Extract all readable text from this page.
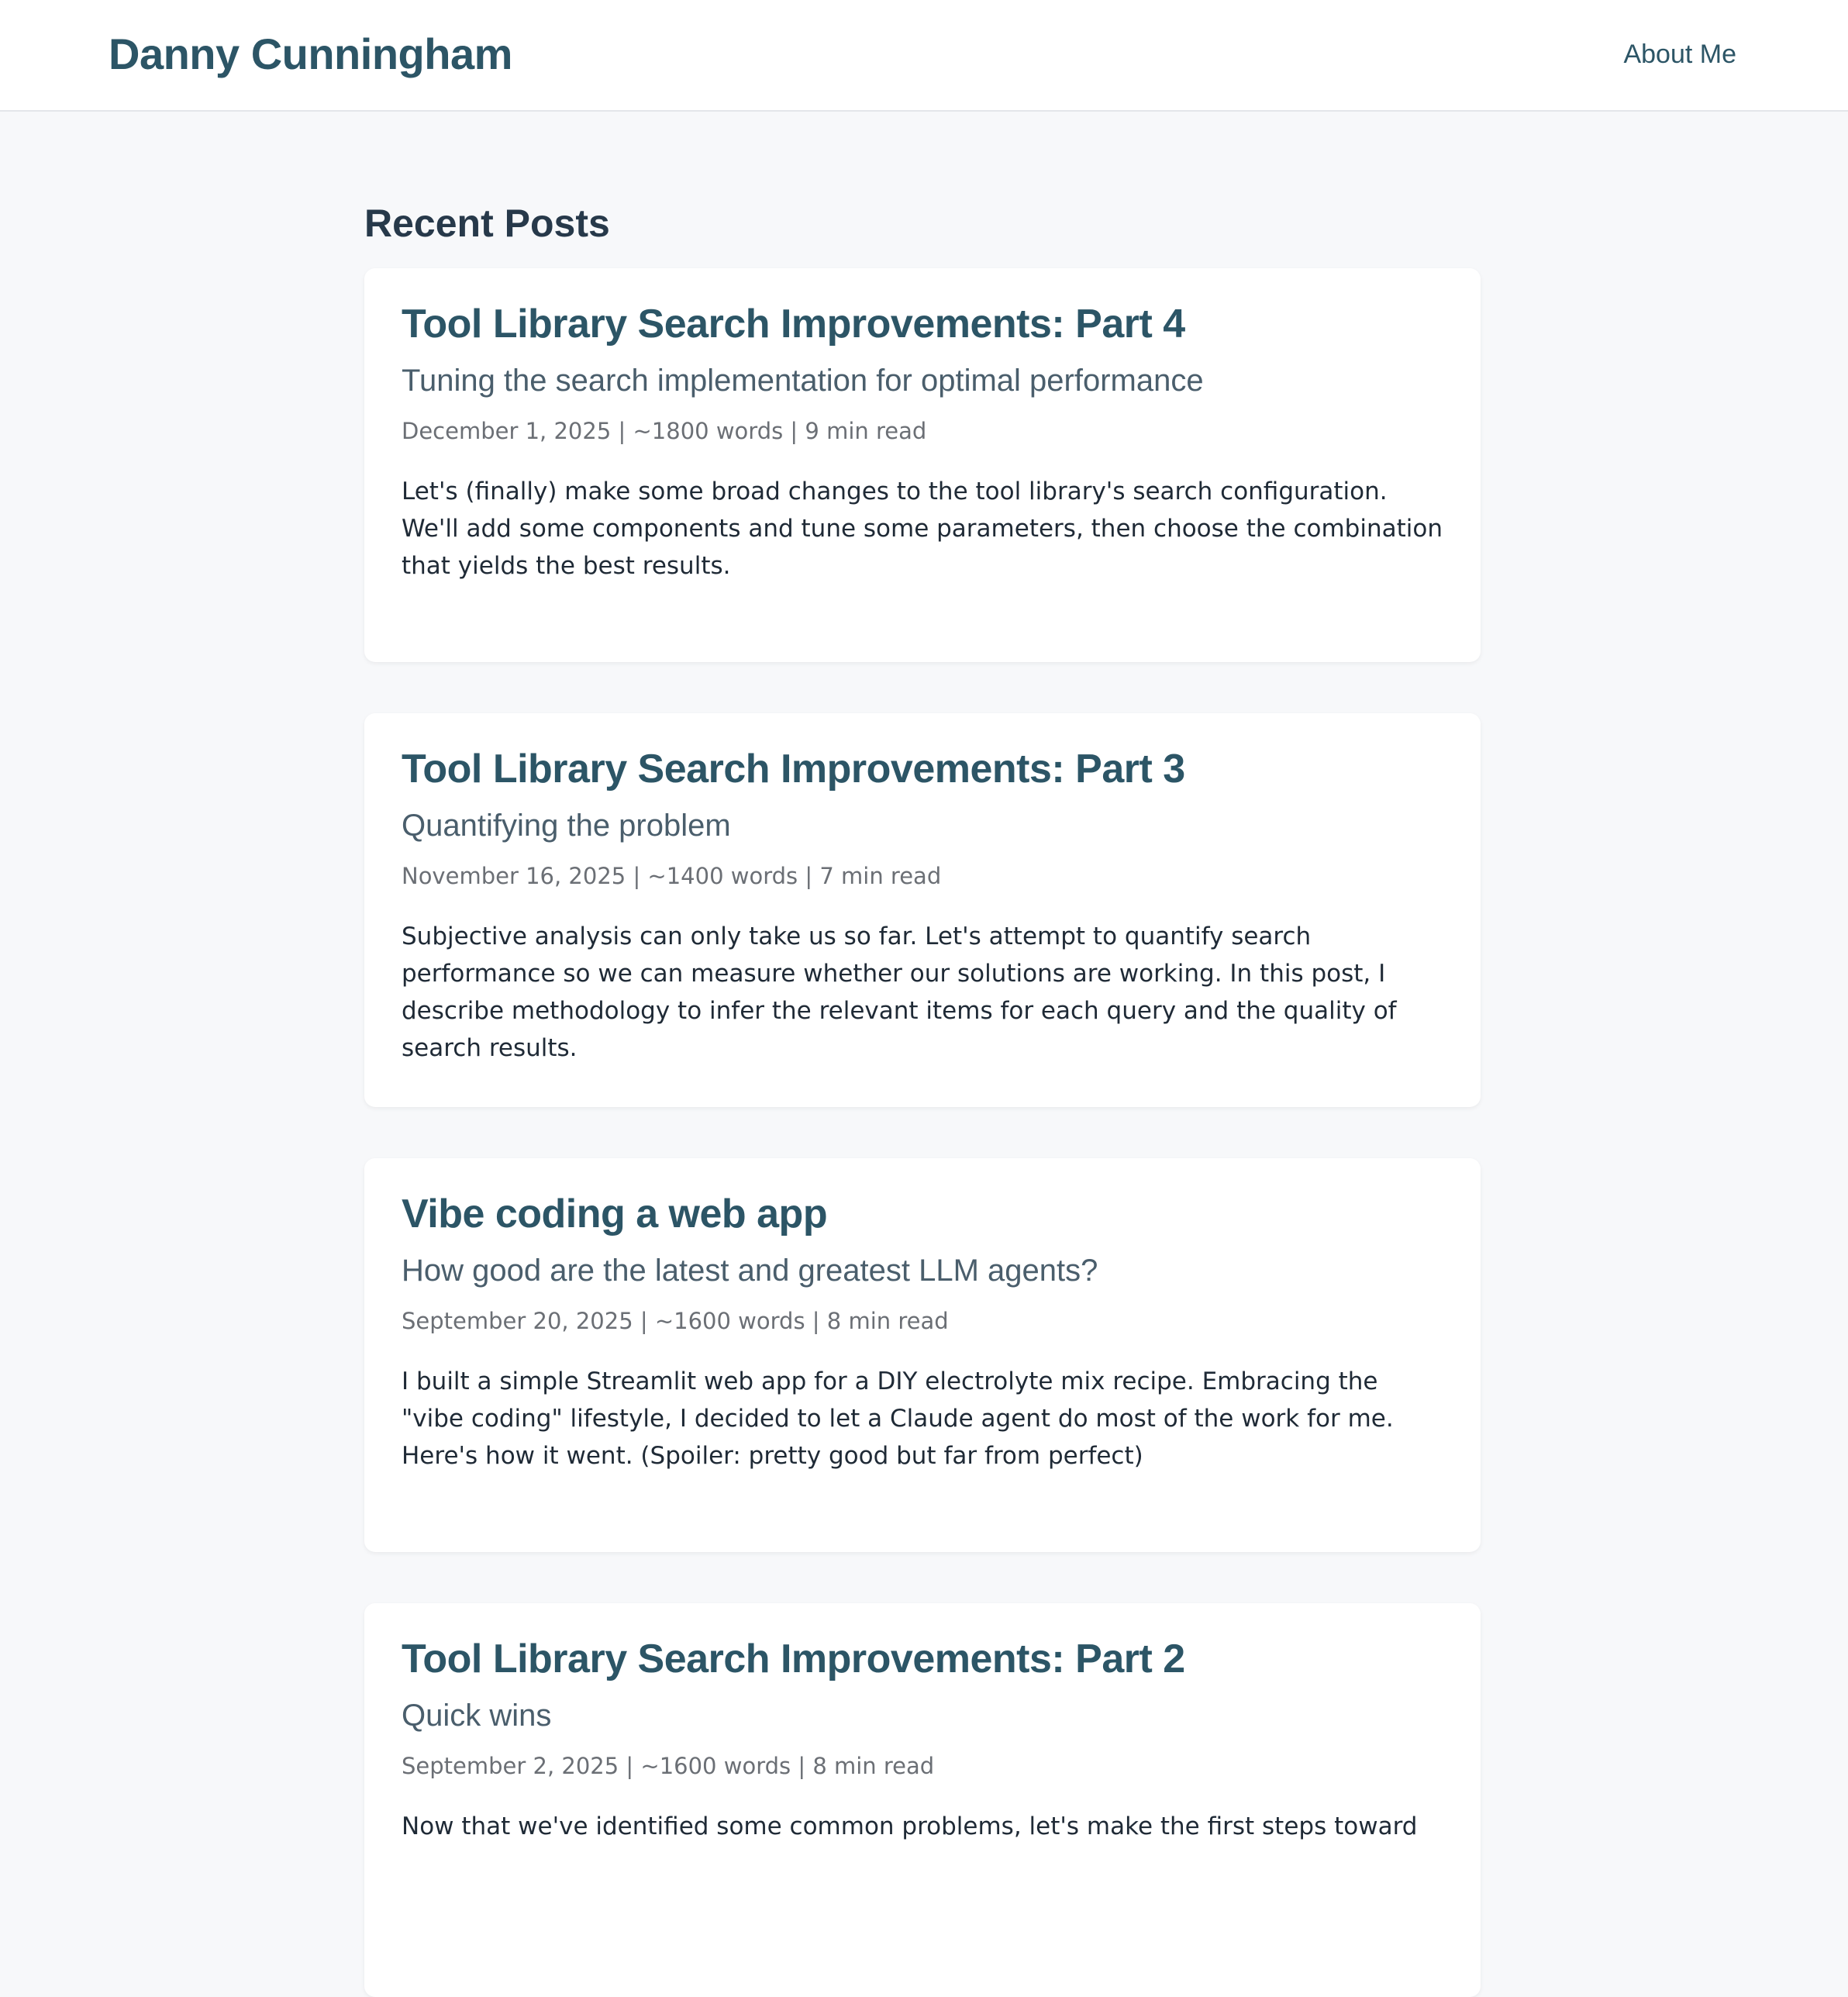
Danny Cunningham	About Me
Recent Posts
Tool Library Search Improvements: Part 4

Tuning the search implementation for optimal performance

December 1, 2025 | ~1800 words | 9 min read

Let's (finally) make some broad changes to the tool library's search configuration. We'll add some components and tune some parameters, then choose the combination that yields the best results.

Tool Library Search Improvements: Part 3

Quantifying the problem

November 16, 2025 | ~1400 words | 7 min read

Subjective analysis can only take us so far. Let's attempt to quantify search performance so we can measure whether our solutions are working. In this post, I describe methodology to infer the relevant items for each query and the quality of search results.

Vibe coding a web app

How good are the latest and greatest LLM agents?

September 20, 2025 | ~1600 words | 8 min read

I built a simple Streamlit web app for a DIY electrolyte mix recipe. Embracing the "vibe coding" lifestyle, I decided to let a Claude agent do most of the work for me. Here's how it went. (Spoiler: pretty good but far from perfect)

Tool Library Search Improvements: Part 2

Quick wins

September 2, 2025 | ~1600 words | 8 min read

Now that we've identified some common problems, let's make the first steps toward
